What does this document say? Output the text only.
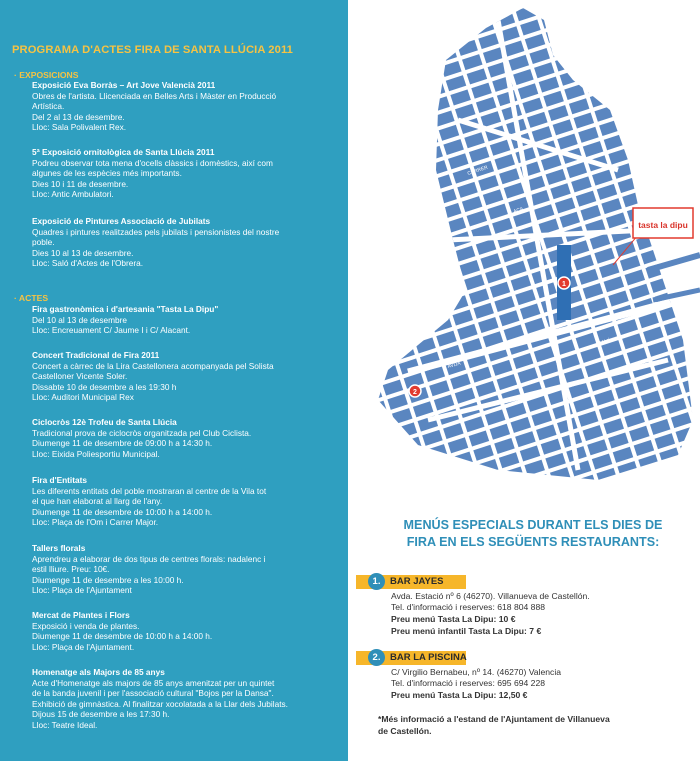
PROGRAMA D'ACTES FIRA DE SANTA LLÚCIA 2011
· EXPOSICIONS
Exposició Eva Borràs – Art Jove Valencià 2011
Obres de l'artista. Llicenciada en Belles Arts i Màster en Producció
Artística.
Del 2 al 13 de desembre.
Lloc: Sala Polivalent Rex.
5ª Exposició ornitològica de Santa Llúcia 2011
Podreu observar tota mena d'ocells clàssics i domèstics, així com
algunes de les espècies més importants.
Dies 10 i 11 de desembre.
Lloc: Antic Ambulatori.
Exposició de Pintures Associació de Jubilats
Quadres i pintures realitzades pels jubilats i pensionistes del nostre
poble.
Dies 10 al 13 de desembre.
Lloc: Saló d'Actes de l'Obrera.
· ACTES
Fira gastronòmica i d'artesania "Tasta La Dipu"
Del 10 al 13 de desembre
Lloc: Encreuament C/ Jaume I i C/ Alacant.
Concert Tradicional de Fira 2011
Concert a càrrec de la Lira Castellonera acompanyada pel Solista
Castelloner Vicente Soler.
Dissabte 10 de desembre a les 19:30 h
Lloc: Auditori Municipal Rex
Ciclocròs 12è Trofeu de Santa Llúcia
Tradicional prova de ciclocròs organitzada pel Club Ciclista.
Diumenge 11 de desembre de 09:00 h a 14:30 h.
Lloc: Eixida Poliesportiu Municipal.
Fira d'Entitats
Les diferents entitats del poble mostraran al centre de la Vila tot
el que han elaborat al llarg de l'any.
Diumenge 11 de desembre de 10:00 h a 14:00 h.
Lloc: Plaça de l'Om i Carrer Major.
Tallers florals
Aprendreu a elaborar de dos tipus de centres florals: nadalenc i
estil lliure. Preu: 10€.
Diumenge 11 de desembre a les 10:00 h.
Lloc: Plaça de l'Ajuntament
Mercat de Plantes i Flors
Exposició i venda de plantes.
Diumenge 11 de desembre de 10:00 h a 14:00 h.
Lloc: Plaça de l'Ajuntament.
Homenatge als Majors de 85 anys
Acte d'Homenatge als majors de 85 anys amenitzat per un quintet
de la banda juvenil i per l'associació cultural "Bojos per la Dansa".
Exhibició de gimnàstica. Al finalitzar xocolatada a la Llar dels Jubilats.
Dijous 15 de desembre a les 17:30 h.
Lloc: Teatre Ideal.
tasta la dipu
1
2
CARRER
PLAÇA
AVDA
CAMÍ
MENÚS ESPECIALS DURANT ELS DIES DE
FIRA EN ELS SEGÜENTS RESTAURANTS:
1.	BAR JAYES
Avda. Estació nº 6 (46270). Villanueva de Castellón.
Tel. d'informació i reserves: 618 804 888
Preu menú Tasta La Dipu: 10 €
Preu menú infantil Tasta La Dipu: 7 €
2.	BAR LA PISCINA
C/ Virgilio Bernabeu, nº 14. (46270) Valencia
Tel. d'informació i reserves: 695 694 228
Preu menú Tasta La Dipu: 12,50 €
*Més informació a l'estand de l'Ajuntament de Villanueva
de Castellón.
